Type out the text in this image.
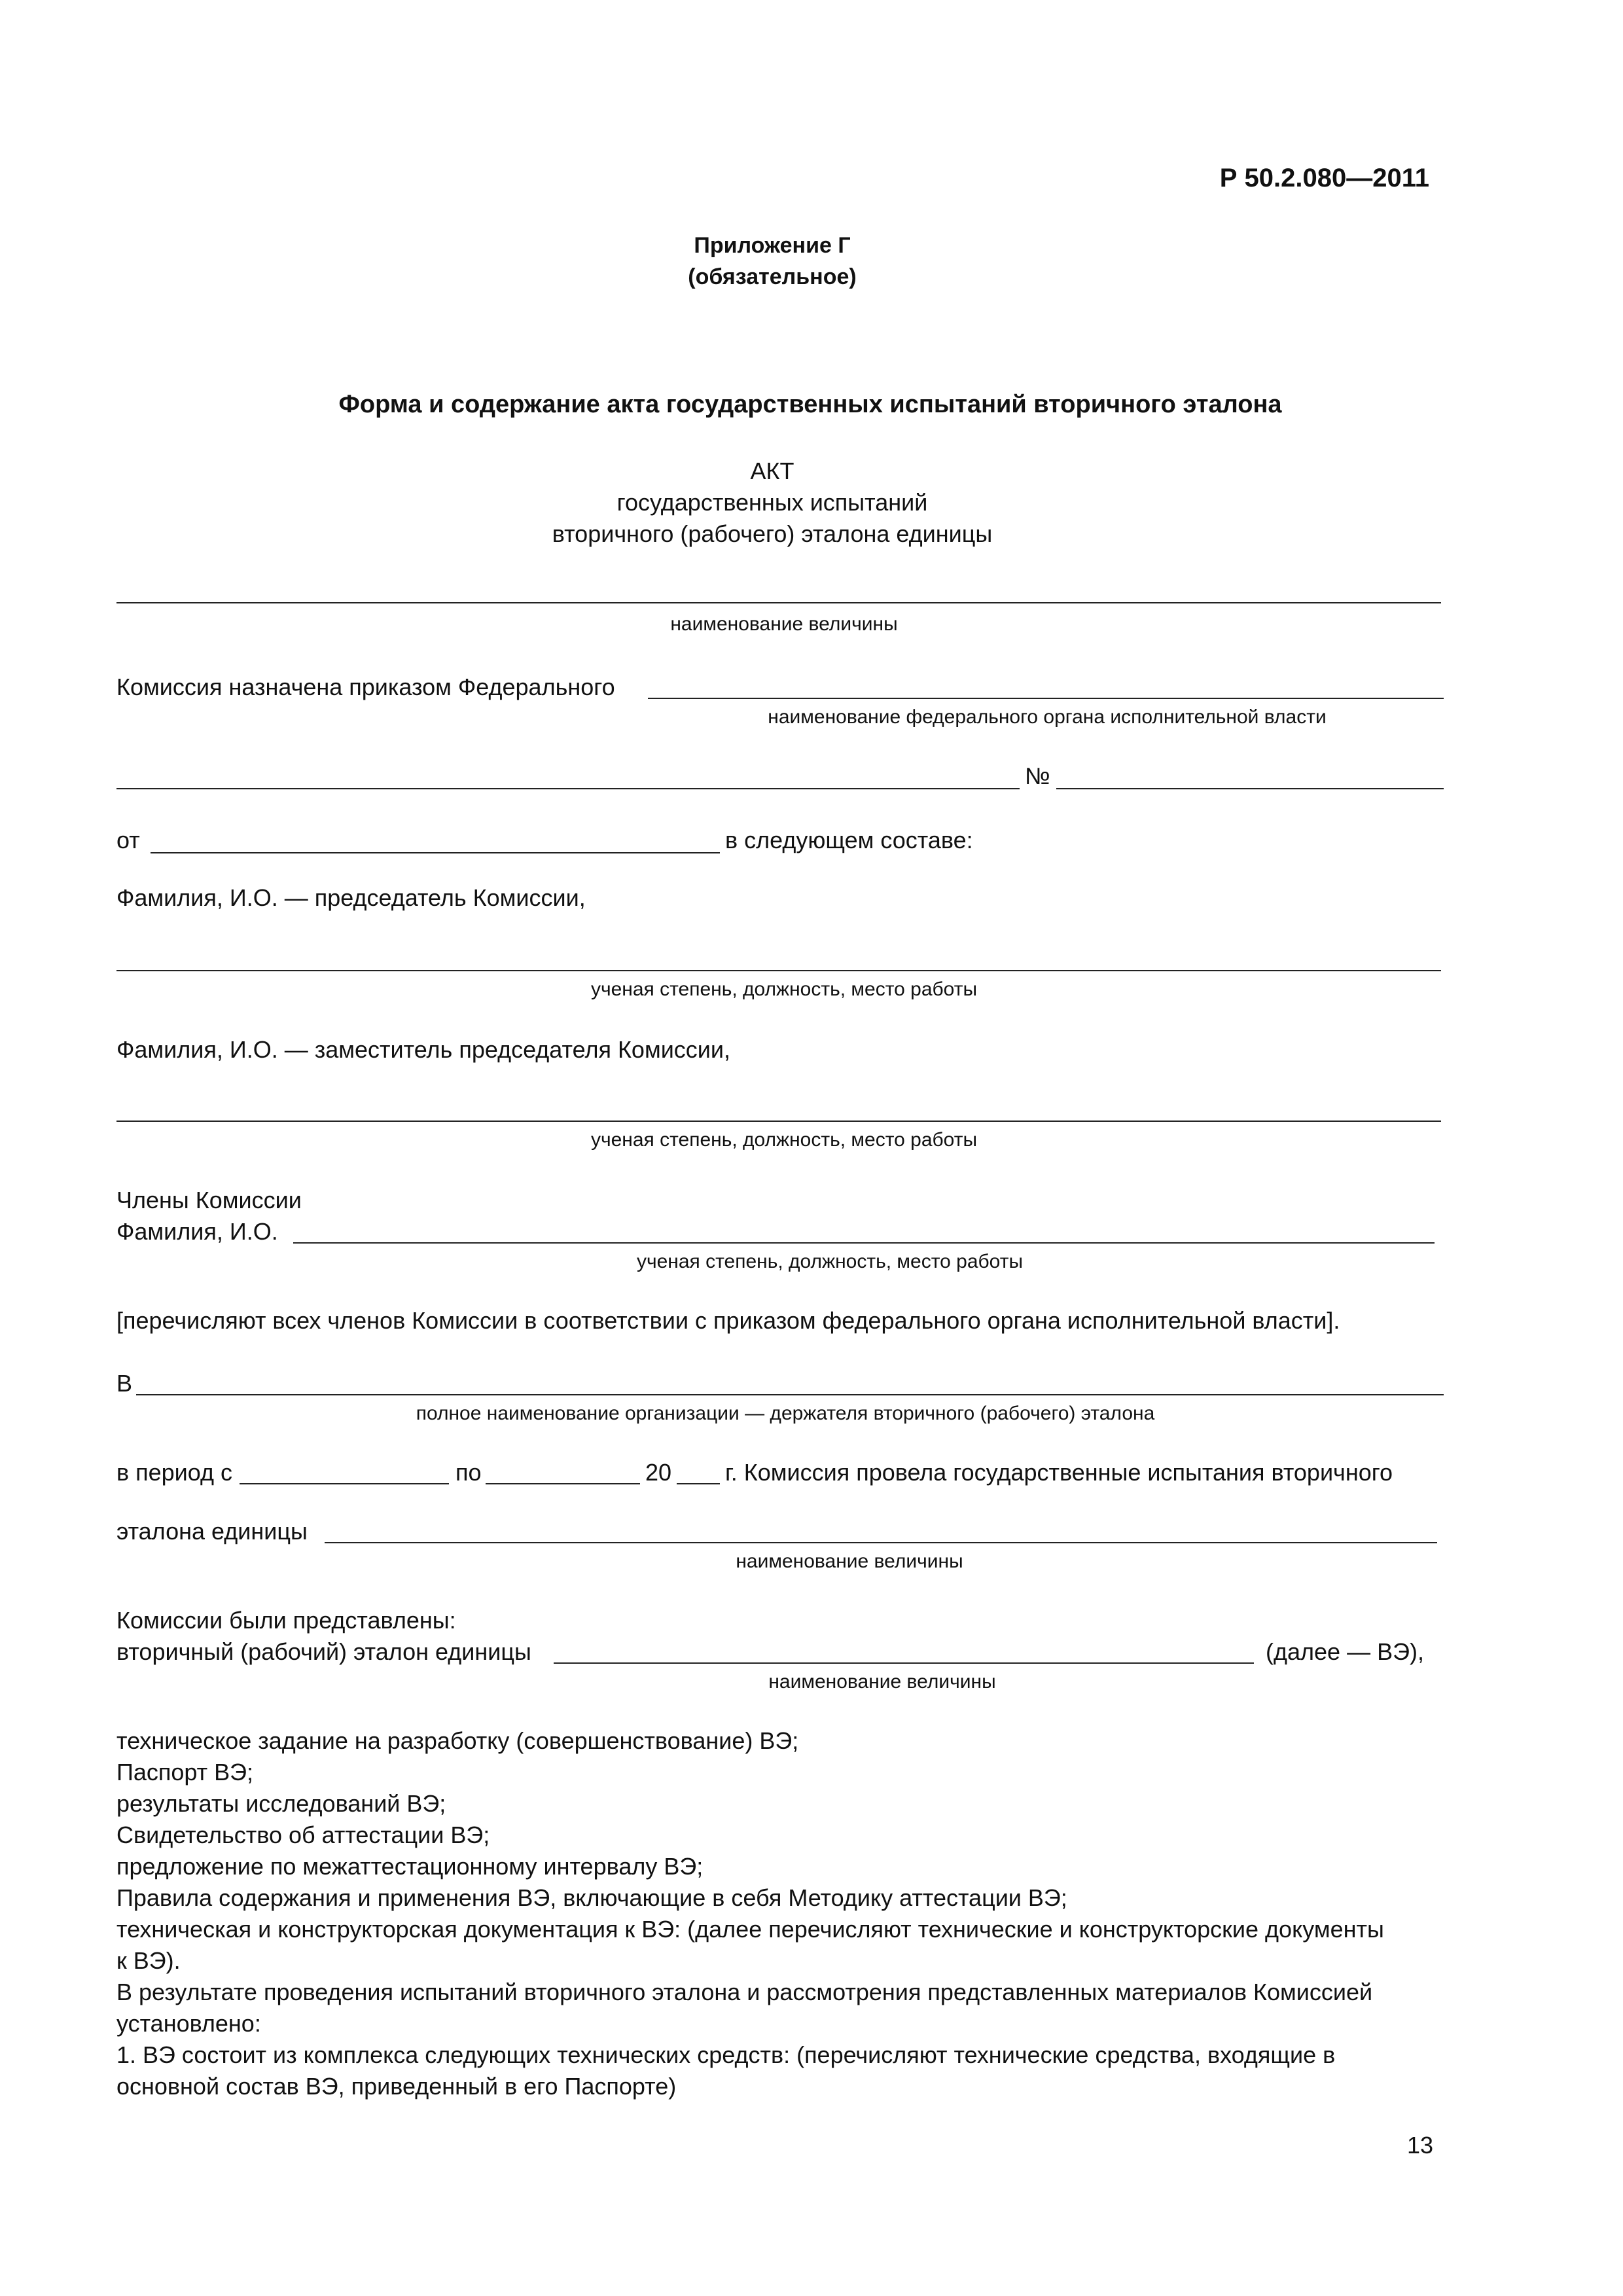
Р 50.2.080—2011
Приложение Г
(обязательное)
Форма и содержание акта государственных испытаний вторичного эталона
АКТ
государственных испытаний
вторичного (рабочего) эталона единицы
наименование величины
Комиссия назначена приказом Федерального
наименование федерального органа исполнительной власти
№
от	в следующем составе:
Фамилия, И.О. — председатель Комиссии,
ученая степень, должность, место работы
Фамилия, И.О. — заместитель председателя Комиссии,
ученая степень, должность, место работы
Члены Комиссии
Фамилия, И.О.
ученая степень, должность, место работы
[перечисляют всех членов Комиссии в соответствии с приказом федерального органа исполнительной власти].
В
полное наименование организации — держателя вторичного (рабочего) эталона
в период с	по	20 г. Комиссия провела государственные испытания вторичного
эталона единицы
наименование величины
Комиссии были представлены:
вторичный (рабочий) эталон единицы	(далее — ВЭ),
наименование величины
техническое задание на разработку (совершенствование) ВЭ;
Паспорт ВЭ;
результаты исследований ВЭ;
Свидетельство об аттестации ВЭ;
предложение по межаттестационному интервалу ВЭ;
Правила содержания и применения ВЭ, включающие в себя Методику аттестации ВЭ;
техническая и конструкторская документация к ВЭ: (далее перечисляют технические и конструкторские документы
к ВЭ).
В результате проведения испытаний вторичного эталона и рассмотрения представленных материалов Комиссией
установлено:
1. ВЭ состоит из комплекса следующих технических средств: (перечисляют технические средства, входящие в
основной состав ВЭ, приведенный в его Паспорте)
13
